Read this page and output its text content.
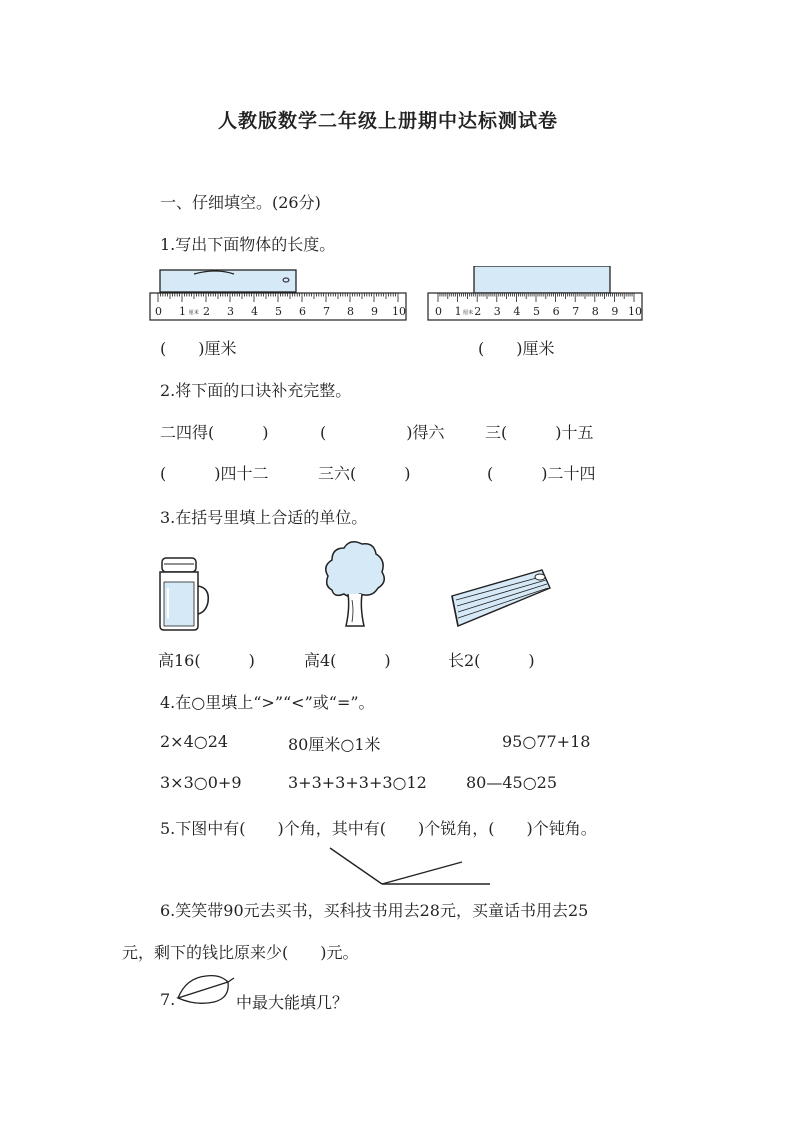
人教版数学二年级上册期中达标测试卷
一、仔细填空。(26分)
1.写出下面物体的长度。
0 1 2 3 4 5 6 7 8 9 10
厘米	0 1 2 3 4 5 6 7 8 9 10
厘米
(　　)厘米	(　　)厘米
2.将下面的口诀补充完整。
二四得(　　　)	(　　　　　)得六	三(　　　)十五
(　　　)四十二	三六(　　　)	(　　　)二十四
3.在括号里填上合适的单位。
高16(　　　)	高4(　　　)	长2(　　　)
4.在○里填上“>”“<”或“=”。
2×4○24	80厘米○1米	95○77+18
3×3○0+9	3+3+3+3+3○12 80—45○25
5.下图中有(　　)个角，其中有(　　)个锐角，(　　)个钝角。
6.笑笑带90元去买书，买科技书用去28元，买童话书用去25
元，剩下的钱比原来少(　　)元。
7.	中最大能填几？
